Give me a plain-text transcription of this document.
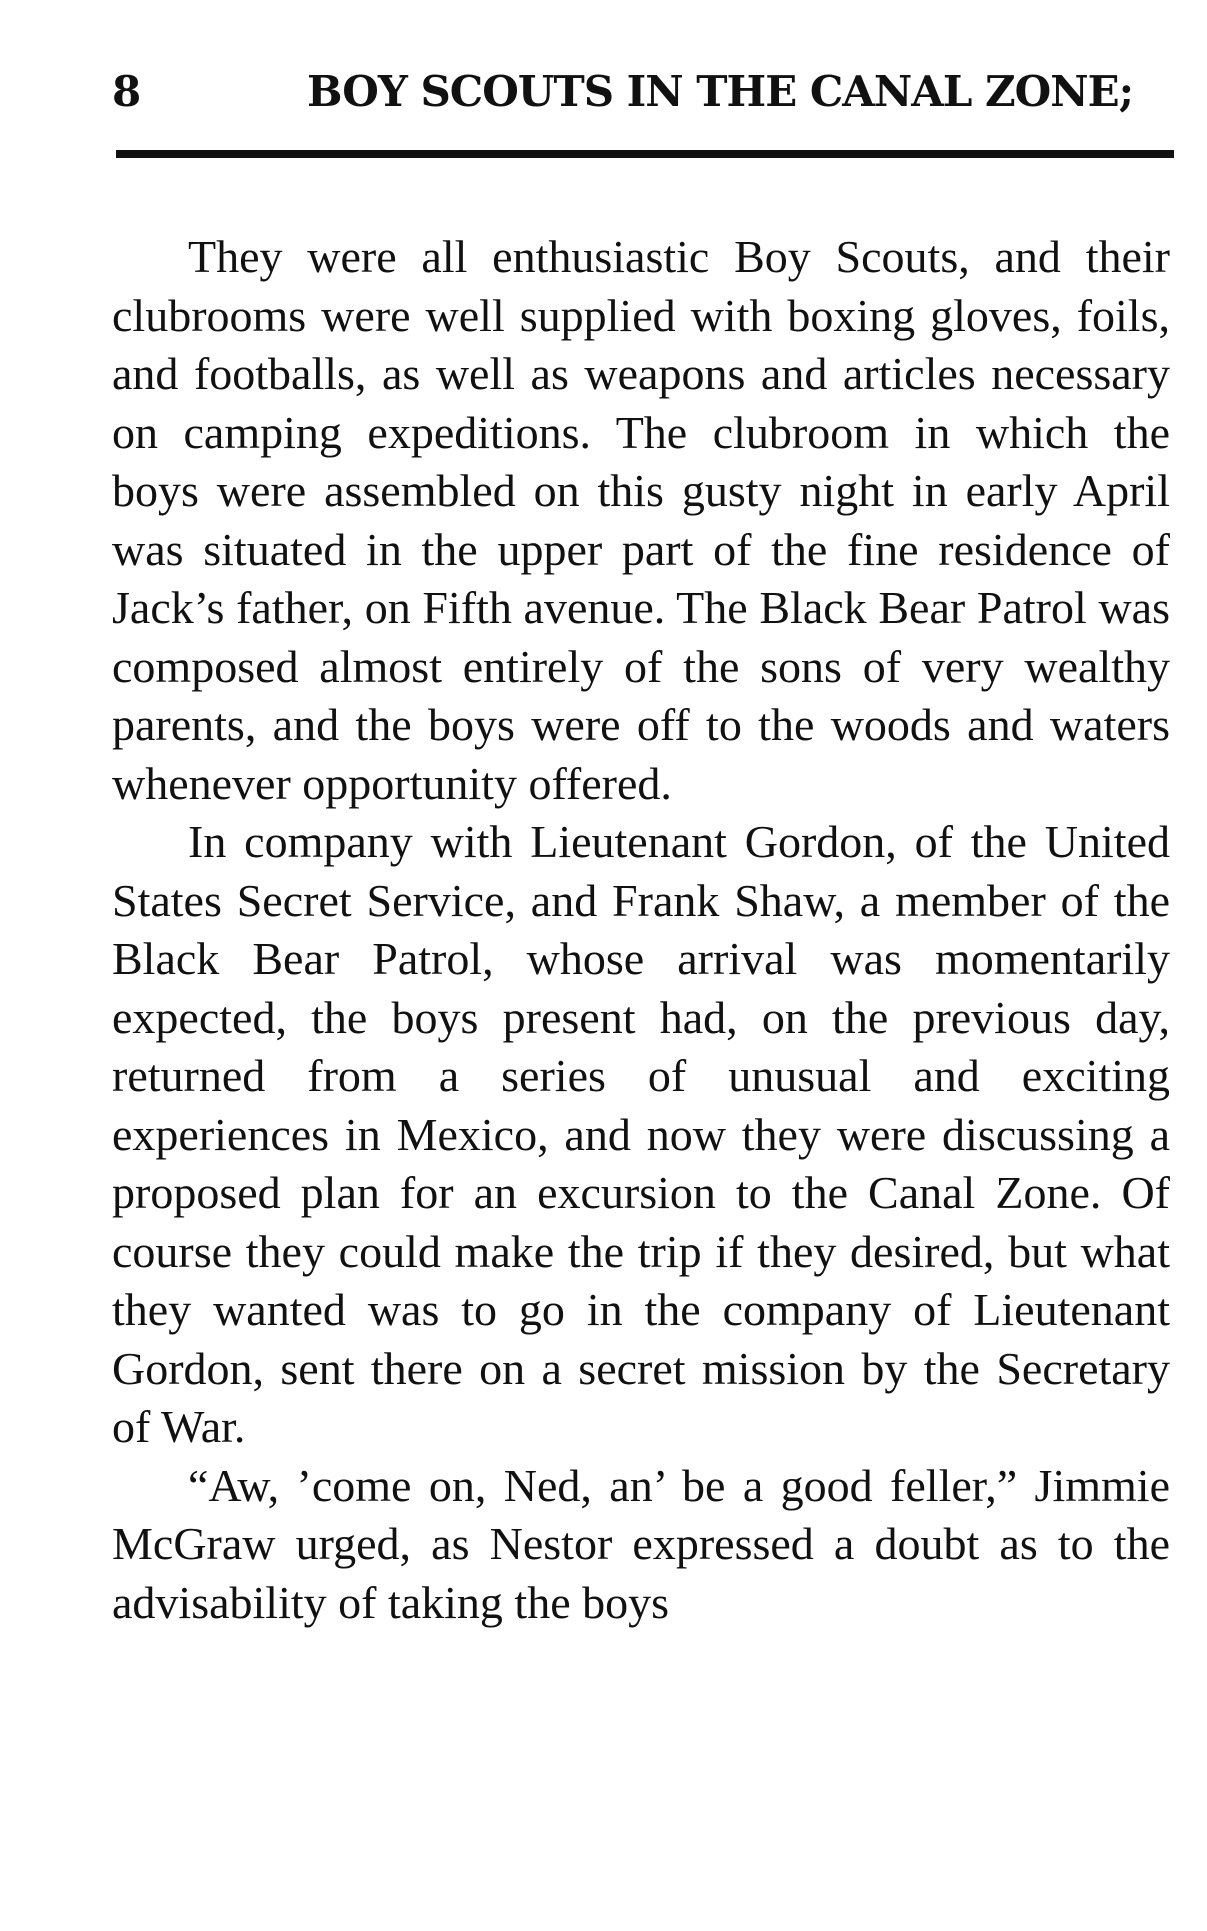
8	BOY SCOUTS IN THE CANAL ZONE;

They were all enthusiastic Boy Scouts, and their clubrooms were well supplied with boxing gloves, foils, and footballs, as well as weapons and articles necessary on camping expeditions. The clubroom in which the boys were assembled on this gusty night in early April was situated in the upper part of the fine residence of Jack’s father, on Fifth avenue. The Black Bear Patrol was composed almost entirely of the sons of very wealthy parents, and the boys were off to the woods and waters whenever opportunity offered.

In company with Lieutenant Gordon, of the United States Secret Service, and Frank Shaw, a member of the Black Bear Patrol, whose arrival was momentarily expected, the boys present had, on the previous day, returned from a series of unusual and exciting experiences in Mexico, and now they were discussing a proposed plan for an excursion to the Canal Zone. Of course they could make the trip if they desired, but what they wanted was to go in the company of Lieutenant Gordon, sent there on a secret mission by the Secretary of War.

“Aw, ’come on, Ned, an’ be a good feller,” Jimmie McGraw urged, as Nestor expressed a doubt as to the advisability of taking the boys
